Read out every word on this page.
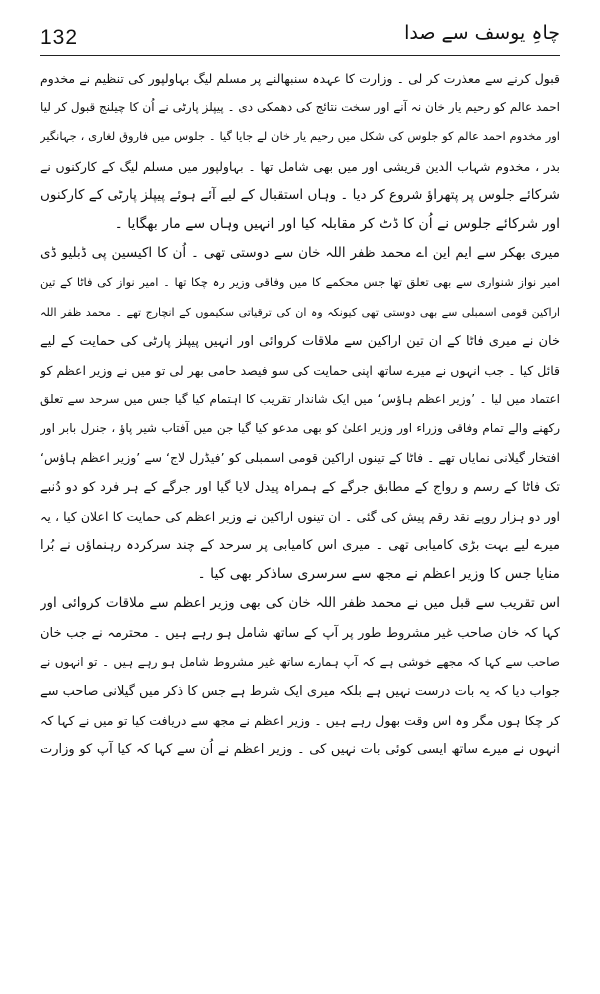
132	چاہِ یوسف سے صدا
قبول کرنے سے معذرت کر لی ۔ وزارت کا عہدہ سنبھالنے پر مسلم لیگ بہاولپور کی تنظیم نے مخدوم
احمد عالم کو رحیم یار خان نہ آنے اور سخت نتائج کی دھمکی دی ۔ پیپلز پارٹی نے اُن کا چیلنج قبول کر لیا
اور مخدوم احمد عالم کو جلوس کی شکل میں رحیم یار خان لے جایا گیا ۔ جلوس میں فاروق لغاری ، جہانگیر
بدر ، مخدوم شہاب الدین قریشی اور میں بھی شامل تھا ۔ بہاولپور میں مسلم لیگ کے کارکنوں نے
شرکائے جلوس پر پتھراؤ شروع کر دیا ۔ وہاں استقبال کے لیے آئے ہوئے پیپلز پارٹی کے کارکنوں
اور شرکائے جلوس نے اُن کا ڈٹ کر مقابلہ کیا اور انہیں وہاں سے مار بھگایا ۔
میری بھکر سے ایم این اے محمد ظفر اللہ خان سے دوستی تھی ۔ اُن کا اکیسین پی ڈبلیو ڈی
امیر نواز شنواری سے بھی تعلق تھا جس محکمے کا میں وفاقی وزیر رہ چکا تھا ۔ امیر نواز کی فاٹا کے تین
اراکین قومی اسمبلی سے بھی دوستی تھی کیونکہ وہ ان کی ترقیاتی سکیموں کے انچارج تھے ۔ محمد ظفر اللہ
خان نے میری فاٹا کے ان تین اراکین سے ملاقات کروائی اور انہیں پیپلز پارٹی کی حمایت کے لیے
قائل کیا ۔ جب انہوں نے میرے ساتھ اپنی حمایت کی سو فیصد حامی بھر لی تو میں نے وزیر اعظم کو
اعتماد میں لیا ۔ ’وزیر اعظم ہاؤس‘ میں ایک شاندار تقریب کا اہتمام کیا گیا جس میں سرحد سے تعلق
رکھنے والے تمام وفاقی وزراء اور وزیر اعلیٰ کو بھی مدعو کیا گیا جن میں آفتاب شیر پاؤ ، جنرل بابر اور
افتخار گیلانی نمایاں تھے ۔ فاٹا کے تینوں اراکین قومی اسمبلی کو ’فیڈرل لاج‘ سے ’وزیر اعظم ہاؤس‘
تک فاٹا کے رسم و رواج کے مطابق جرگے کے ہمراہ پیدل لایا گیا اور جرگے کے ہر فرد کو دو دُنبے
اور دو ہزار روپے نقد رقم پیش کی گئی ۔ ان تینوں اراکین نے وزیر اعظم کی حمایت کا اعلان کیا ، یہ
میرے لیے بہت بڑی کامیابی تھی ۔ میری اس کامیابی پر سرحد کے چند سرکردہ رہنماؤں نے بُرا
منایا جس کا وزیر اعظم نے مجھ سے سرسری ساذکر بھی کیا ۔
اس تقریب سے قبل میں نے محمد ظفر اللہ خان کی بھی وزیر اعظم سے ملاقات کروائی اور
کہا کہ خان صاحب غیر مشروط طور پر آپ کے ساتھ شامل ہو رہے ہیں ۔ محترمہ نے جب خان
صاحب سے کہا کہ مجھے خوشی ہے کہ آپ ہمارے ساتھ غیر مشروط شامل ہو رہے ہیں ۔ تو انہوں نے
جواب دیا کہ یہ بات درست نہیں ہے بلکہ میری ایک شرط ہے جس کا ذکر میں گیلانی صاحب سے
کر چکا ہوں مگر وہ اس وقت بھول رہے ہیں ۔ وزیر اعظم نے مجھ سے دریافت کیا تو میں نے کہا کہ
انہوں نے میرے ساتھ ایسی کوئی بات نہیں کی ۔ وزیر اعظم نے اُن سے کہا کہ کیا آپ کو وزارت
